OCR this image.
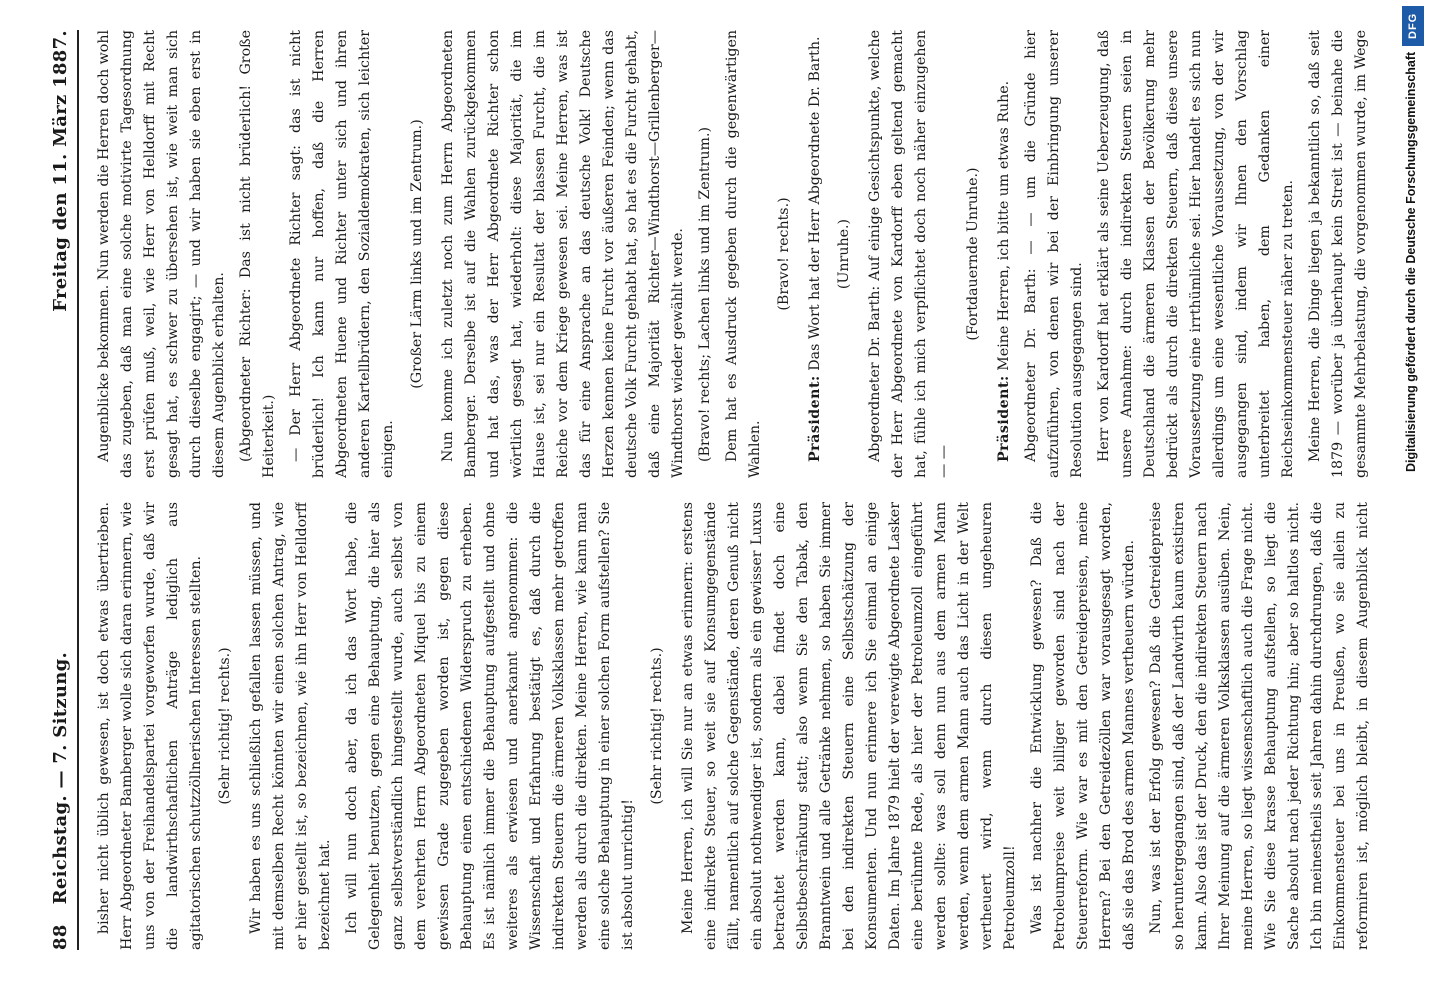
88
Reichstag. — 7. Sitzung.
Freitag den 11. März 1887.

bisher nicht üblich gewesen, ist doch etwas übertrieben. Herr Abgeordneter Bamberger wolle sich daran erinnern, wie uns von der Freihandelspartei vorgeworfen wurde, daß wir die landwirthschaftlichen Anträge lediglich aus agitatorischen schutzzöllnerischen Interessen stellten. (Sehr richtig! rechts.) Wir haben es uns schließlich gefallen lassen müssen, und mit demselben Recht könnten wir einen solchen Antrag, wie er hier gestellt ist, so bezeichnen, wie ihn Herr von Helldorff bezeichnet hat. Ich will nun doch aber, da ich das Wort habe, die Gelegenheit benutzen, gegen eine Behauptung, die hier als ganz selbstverständlich hingestellt wurde, auch selbst von dem verehrten Herrn Abgeordneten Miquel bis zu einem gewissen Grade zugegeben worden ist, gegen diese Behauptung einen entschiedenen Widerspruch zu erheben. Es ist nämlich immer die Behauptung aufgestellt und ohne weiteres als erwiesen und anerkannt angenommen: die Wissenschaft und Erfahrung bestätigt es, daß durch die indirekten Steuern die ärmeren Volksklassen mehr getroffen werden als durch die direkten. Meine Herren, wie kann man eine solche Behauptung in einer solchen Form aufstellen? Sie ist absolut unrichtig!

(Sehr richtig! rechts.) Meine Herren, ich will Sie nur an etwas erinnern: erstens eine indirekte Steuer, so weit sie auf Konsumgegenstände fällt, namentlich auf solche Gegenstände, deren Genuß nicht ein absolut nothwendiger ist, sondern als ein gewisser Luxus betrachtet werden kann, dabei findet doch eine Selbstbeschränkung statt; also wenn Sie den Tabak, den Branntwein und alle Getränke nehmen, so haben Sie immer bei den indirekten Steuern eine Selbstschätzung der Konsumenten. Und nun erinnere ich Sie einmal an einige Daten. Im Jahre 1879 hielt der verewigte Abgeordnete Lasker eine berühmte Rede, als hier der Petroleumzoll eingeführt werden sollte: was soll denn nun aus dem armen Mann werden, wenn dem armen Mann auch das Licht in der Welt vertheuert wird, wenn durch diesen ungeheuren Petroleumzoll! Was ist nachher die Entwicklung gewesen? Daß die Petroleumpreise weit billiger geworden sind nach der Steuerreform. Wie war es mit den Getreidepreisen, meine Herren? Bei den Getreidezöllen war vorausgesagt worden, daß sie das Brod des armen Mannes vertheuern würden. Nun, was ist der Erfolg gewesen? Daß die Getreidepreise so heruntergegangen sind, daß der Landwirth kaum existiren kann. Also das ist der Druck, den die indirekten Steuern nach Ihrer Meinung auf die ärmeren Volksklassen ausüben. Nein, meine Herren, so liegt wissenschaftlich auch die Frage nicht. Wie Sie diese krasse Behauptung aufstellen, so liegt die Sache absolut nach jeder Richtung hin; aber so haltlos nicht. Ich bin meinestheils seit Jahren dahin durchdrungen, daß die Einkommensteuer bei uns in Preußen, wo sie allein zu reformiren ist, möglich bleibt, in diesem Augenblick nicht

Augenblicke bekommen. Nun werden die Herren doch wohl das zugeben, daß man eine solche motivirte Tagesordnung erst prüfen muß, weil, wie Herr von Helldorff mit Recht gesagt hat, es schwer zu übersehen ist, wie weit man sich durch dieselbe engagirt; — und wir haben sie eben erst in diesem Augenblick erhalten. (Abgeordneter Richter: Das ist nicht brüderlich! Große Heiterkeit.) — Der Herr Abgeordnete Richter sagt: das ist nicht brüderlich! Ich kann nur hoffen, daß die Herren Abgeordneten Huene und Richter unter sich und ihren anderen Kartellbrüdern, den Sozialdemokraten, sich leichter einigen.

(Großer Lärm links und im Zentrum.) Nun komme ich zuletzt noch zum Herrn Abgeordneten Bamberger. Derselbe ist auf die Wahlen zurückgekommen und hat das, was der Herr Abgeordnete Richter schon wörtlich gesagt hat, wiederholt: diese Majorität, die im Hause ist, sei nur ein Resultat der blassen Furcht, die im Reiche vor dem Kriege gewesen sei. Meine Herren, was ist das für eine Ansprache an das deutsche Volk! Deutsche Herzen kennen keine Furcht vor äußeren Feinden; wenn das deutsche Volk Furcht gehabt hat, so hat es die Furcht gehabt, daß eine Majorität Richter—Windthorst—Grillenberger—Windthorst wieder gewählt werde. (Bravo! rechts; Lachen links und im Zentrum.) Dem hat es Ausdruck gegeben durch die gegenwärtigen Wahlen.

(Bravo! rechts.)

Präsident: Das Wort hat der Herr Abgeordnete Dr. Barth. (Unruhe.) Abgeordneter Dr. Barth: Auf einige Gesichtspunkte, welche der Herr Abgeordnete von Kardorff eben geltend gemacht hat, fühle ich mich verpflichtet doch noch näher einzugehen — —

(Fortdauernde Unruhe.)

Präsident: Meine Herren, ich bitte um etwas Ruhe. Abgeordneter Dr. Barth: — — um die Gründe hier aufzuführen, von denen wir bei der Einbringung unserer Resolution ausgegangen sind. Herr von Kardorff hat erklärt als seine Ueberzeugung, daß unsere Annahme: durch die indirekten Steuern seien in Deutschland die ärmeren Klassen der Bevölkerung mehr bedrückt als durch die direkten Steuern, daß diese unsere Voraussetzung eine irrthümliche sei. Hier handelt es sich nun allerdings um eine wesentliche Voraussetzung, von der wir ausgegangen sind, indem wir Ihnen den Vorschlag unterbreitet haben, dem Gedanken einer Reichseinkommensteuer näher zu treten. Meine Herren, die Dinge liegen ja bekanntlich so, daß seit 1879 — worüber ja überhaupt kein Streit ist — beinahe die gesammte Mehrbelastung, die vorgenommen wurde, im Wege

DFG
Digitalisierung gefördert durch die Deutsche Forschungsgemeinschaft
